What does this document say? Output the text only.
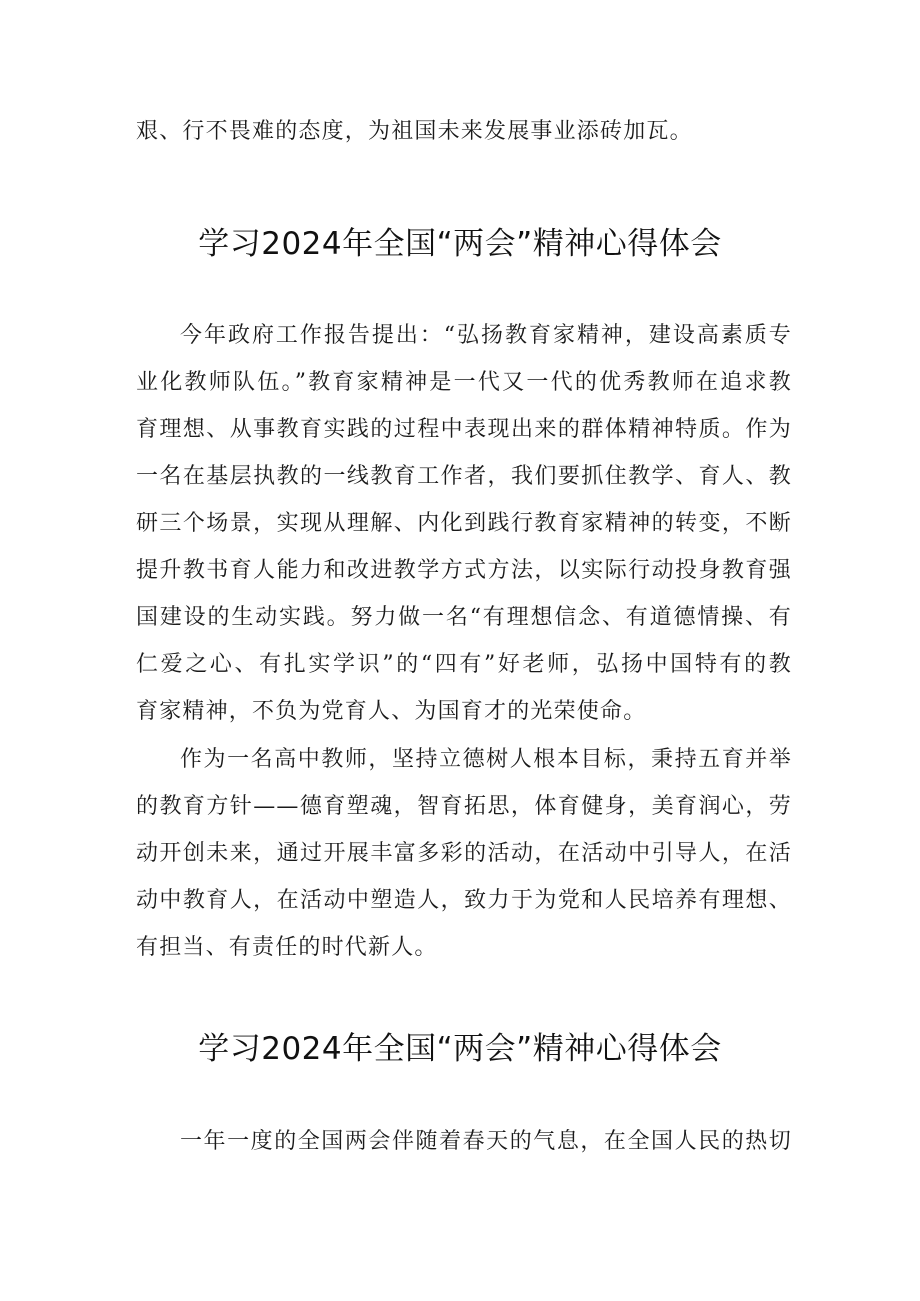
艰、行不畏难的态度，为祖国未来发展事业添砖加瓦。
学习2024年全国“两会”精神心得体会
今年政府工作报告提出：“弘扬教育家精神，建设高素质专
业化教师队伍。”教育家精神是一代又一代的优秀教师在追求教
育理想、从事教育实践的过程中表现出来的群体精神特质。作为
一名在基层执教的一线教育工作者，我们要抓住教学、育人、教
研三个场景，实现从理解、内化到践行教育家精神的转变，不断
提升教书育人能力和改进教学方式方法，以实际行动投身教育强
国建设的生动实践。努力做一名“有理想信念、有道德情操、有
仁爱之心、有扎实学识”的“四有”好老师，弘扬中国特有的教
育家精神，不负为党育人、为国育才的光荣使命。
作为一名高中教师，坚持立德树人根本目标，秉持五育并举
的教育方针——德育塑魂，智育拓思，体育健身，美育润心，劳
动开创未来，通过开展丰富多彩的活动，在活动中引导人，在活
动中教育人，在活动中塑造人，致力于为党和人民培养有理想、
有担当、有责任的时代新人。
学习2024年全国“两会”精神心得体会
一年一度的全国两会伴随着春天的气息，在全国人民的热切
